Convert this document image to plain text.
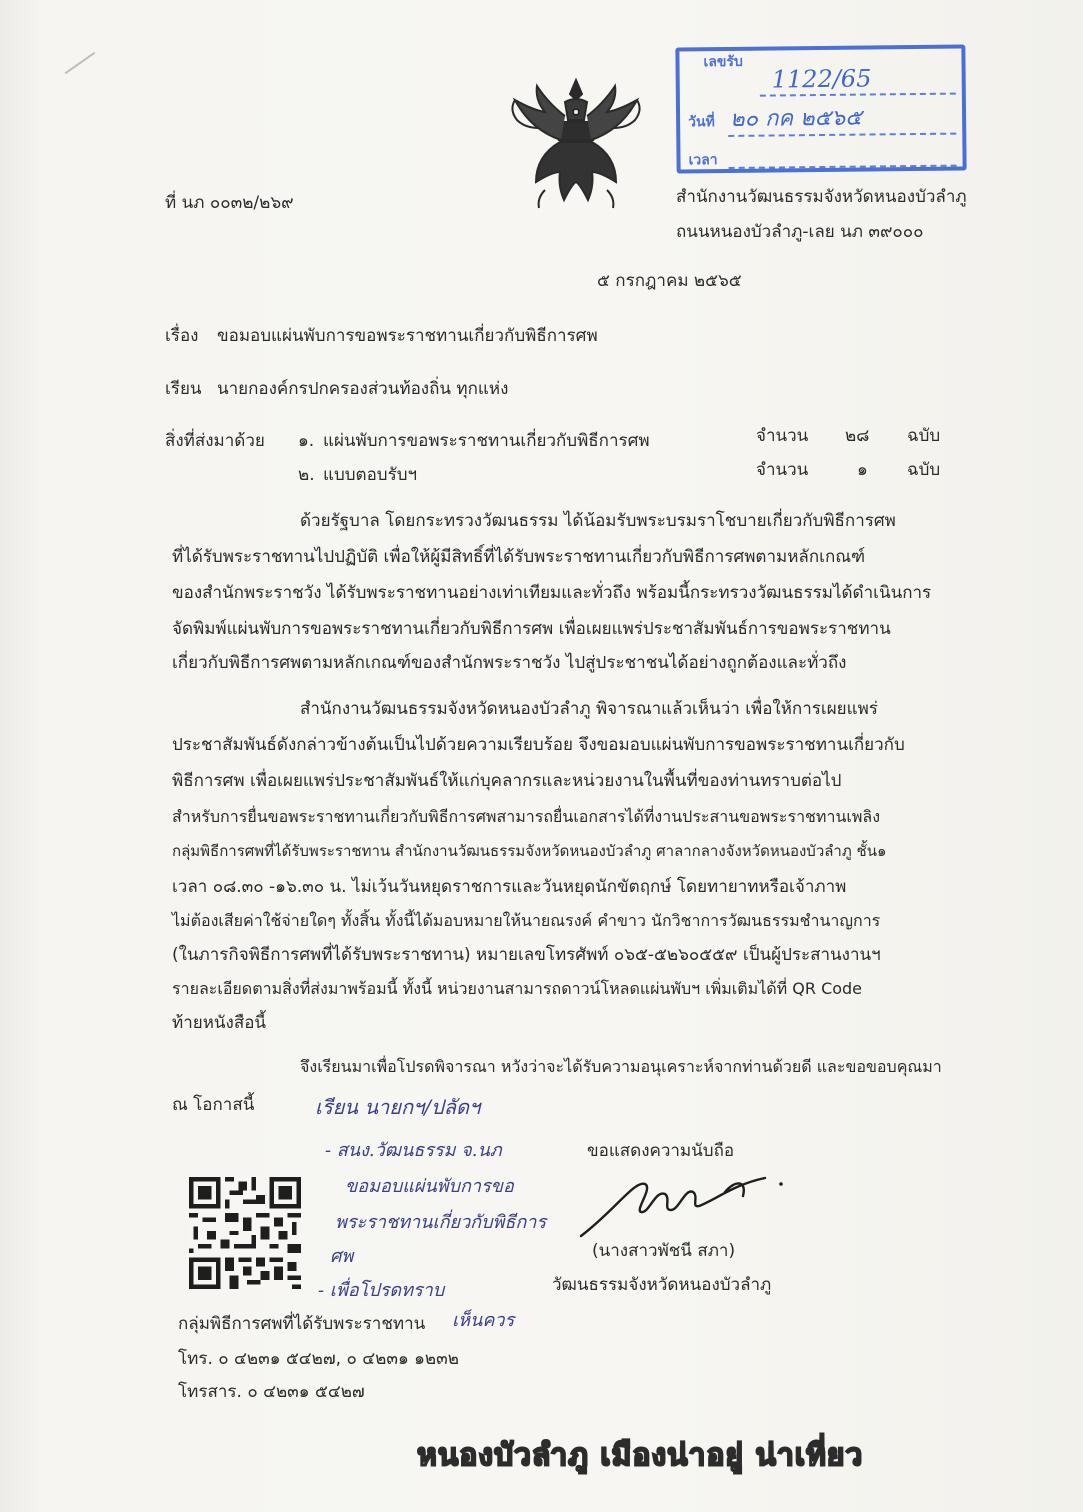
เลขรับ
1122/65
วันที่ ๒๐ กค ๒๕๖๕
เวลา
ที่ นภ ๐๐๓๒/๒๖๙	สำนักงานวัฒนธรรมจังหวัดหนองบัวลำภู
ถนนหนองบัวลำภู-เลย นภ ๓๙๐๐๐
๕ กรกฎาคม ๒๕๖๕
เรื่อง ขอมอบแผ่นพับการขอพระราชทานเกี่ยวกับพิธีการศพ
เรียน นายกองค์กรปกครองส่วนท้องถิ่น ทุกแห่ง
สิ่งที่ส่งมาด้วย ๑. แผ่นพับการขอพระราชทานเกี่ยวกับพิธีการศพ	จำนวน ๒๘ ฉบับ
๒. แบบตอบรับฯ	จำนวน	๑ ฉบับ
ด้วยรัฐบาล โดยกระทรวงวัฒนธรรม ได้น้อมรับพระบรมราโชบายเกี่ยวกับพิธีการศพ
ที่ได้รับพระราชทานไปปฏิบัติ เพื่อให้ผู้มีสิทธิ์ที่ได้รับพระราชทานเกี่ยวกับพิธีการศพตามหลักเกณฑ์
ของสำนักพระราชวัง ได้รับพระราชทานอย่างเท่าเทียมและทั่วถึง พร้อมนี้กระทรวงวัฒนธรรมได้ดำเนินการ
จัดพิมพ์แผ่นพับการขอพระราชทานเกี่ยวกับพิธีการศพ เพื่อเผยแพร่ประชาสัมพันธ์การขอพระราชทาน
เกี่ยวกับพิธีการศพตามหลักเกณฑ์ของสำนักพระราชวัง ไปสู่ประชาชนได้อย่างถูกต้องและทั่วถึง
สำนักงานวัฒนธรรมจังหวัดหนองบัวลำภู พิจารณาแล้วเห็นว่า เพื่อให้การเผยแพร่
ประชาสัมพันธ์ดังกล่าวข้างต้นเป็นไปด้วยความเรียบร้อย จึงขอมอบแผ่นพับการขอพระราชทานเกี่ยวกับ
พิธีการศพ เพื่อเผยแพร่ประชาสัมพันธ์ให้แก่บุคลากรและหน่วยงานในพื้นที่ของท่านทราบต่อไป
สำหรับการยื่นขอพระราชทานเกี่ยวกับพิธีการศพสามารถยื่นเอกสารได้ที่งานประสานขอพระราชทานเพลิง
กลุ่มพิธีการศพที่ได้รับพระราชทาน สำนักงานวัฒนธรรมจังหวัดหนองบัวลำภู ศาลากลางจังหวัดหนองบัวลำภู ชั้น๑
เวลา ๐๘.๓๐ -๑๖.๓๐ น. ไม่เว้นวันหยุดราชการและวันหยุดนักขัตฤกษ์ โดยทายาทหรือเจ้าภาพ
ไม่ต้องเสียค่าใช้จ่ายใดๆ ทั้งสิ้น ทั้งนี้ได้มอบหมายให้นายณรงค์ คำขาว นักวิชาการวัฒนธรรมชำนาญการ
(ในภารกิจพิธีการศพที่ได้รับพระราชทาน) หมายเลขโทรศัพท์ ๐๖๕-๕๒๖๐๕๕๙ เป็นผู้ประสานงานฯ
รายละเอียดตามสิ่งที่ส่งมาพร้อมนี้ ทั้งนี้ หน่วยงานสามารถดาวน์โหลดแผ่นพับฯ เพิ่มเติมได้ที่ QR Code
ท้ายหนังสือนี้
จึงเรียนมาเพื่อโปรดพิจารณา หวังว่าจะได้รับความอนุเคราะห์จากท่านด้วยดี และขอขอบคุณมา
ณ โอกาสนี้
ขอแสดงความนับถือ
เรียน นายกฯ/ปลัดฯ
- สนง.วัฒนธรรม จ.นภ
ขอมอบแผ่นพับการขอ
พระราชทานเกี่ยวกับพิธีการ
ศพ
- เพื่อโปรดทราบ
เห็นควร
(นางสาวพัชนี สภา)
วัฒนธรรมจังหวัดหนองบัวลำภู
กลุ่มพิธีการศพที่ได้รับพระราชทาน
โทร. ๐ ๔๒๓๑ ๕๔๒๗, ๐ ๔๒๓๑ ๑๒๓๒
โทรสาร. ๐ ๔๒๓๑ ๕๔๒๗
หนองบัวลำภู เมืองน่าอยู่ น่าเที่ยว
